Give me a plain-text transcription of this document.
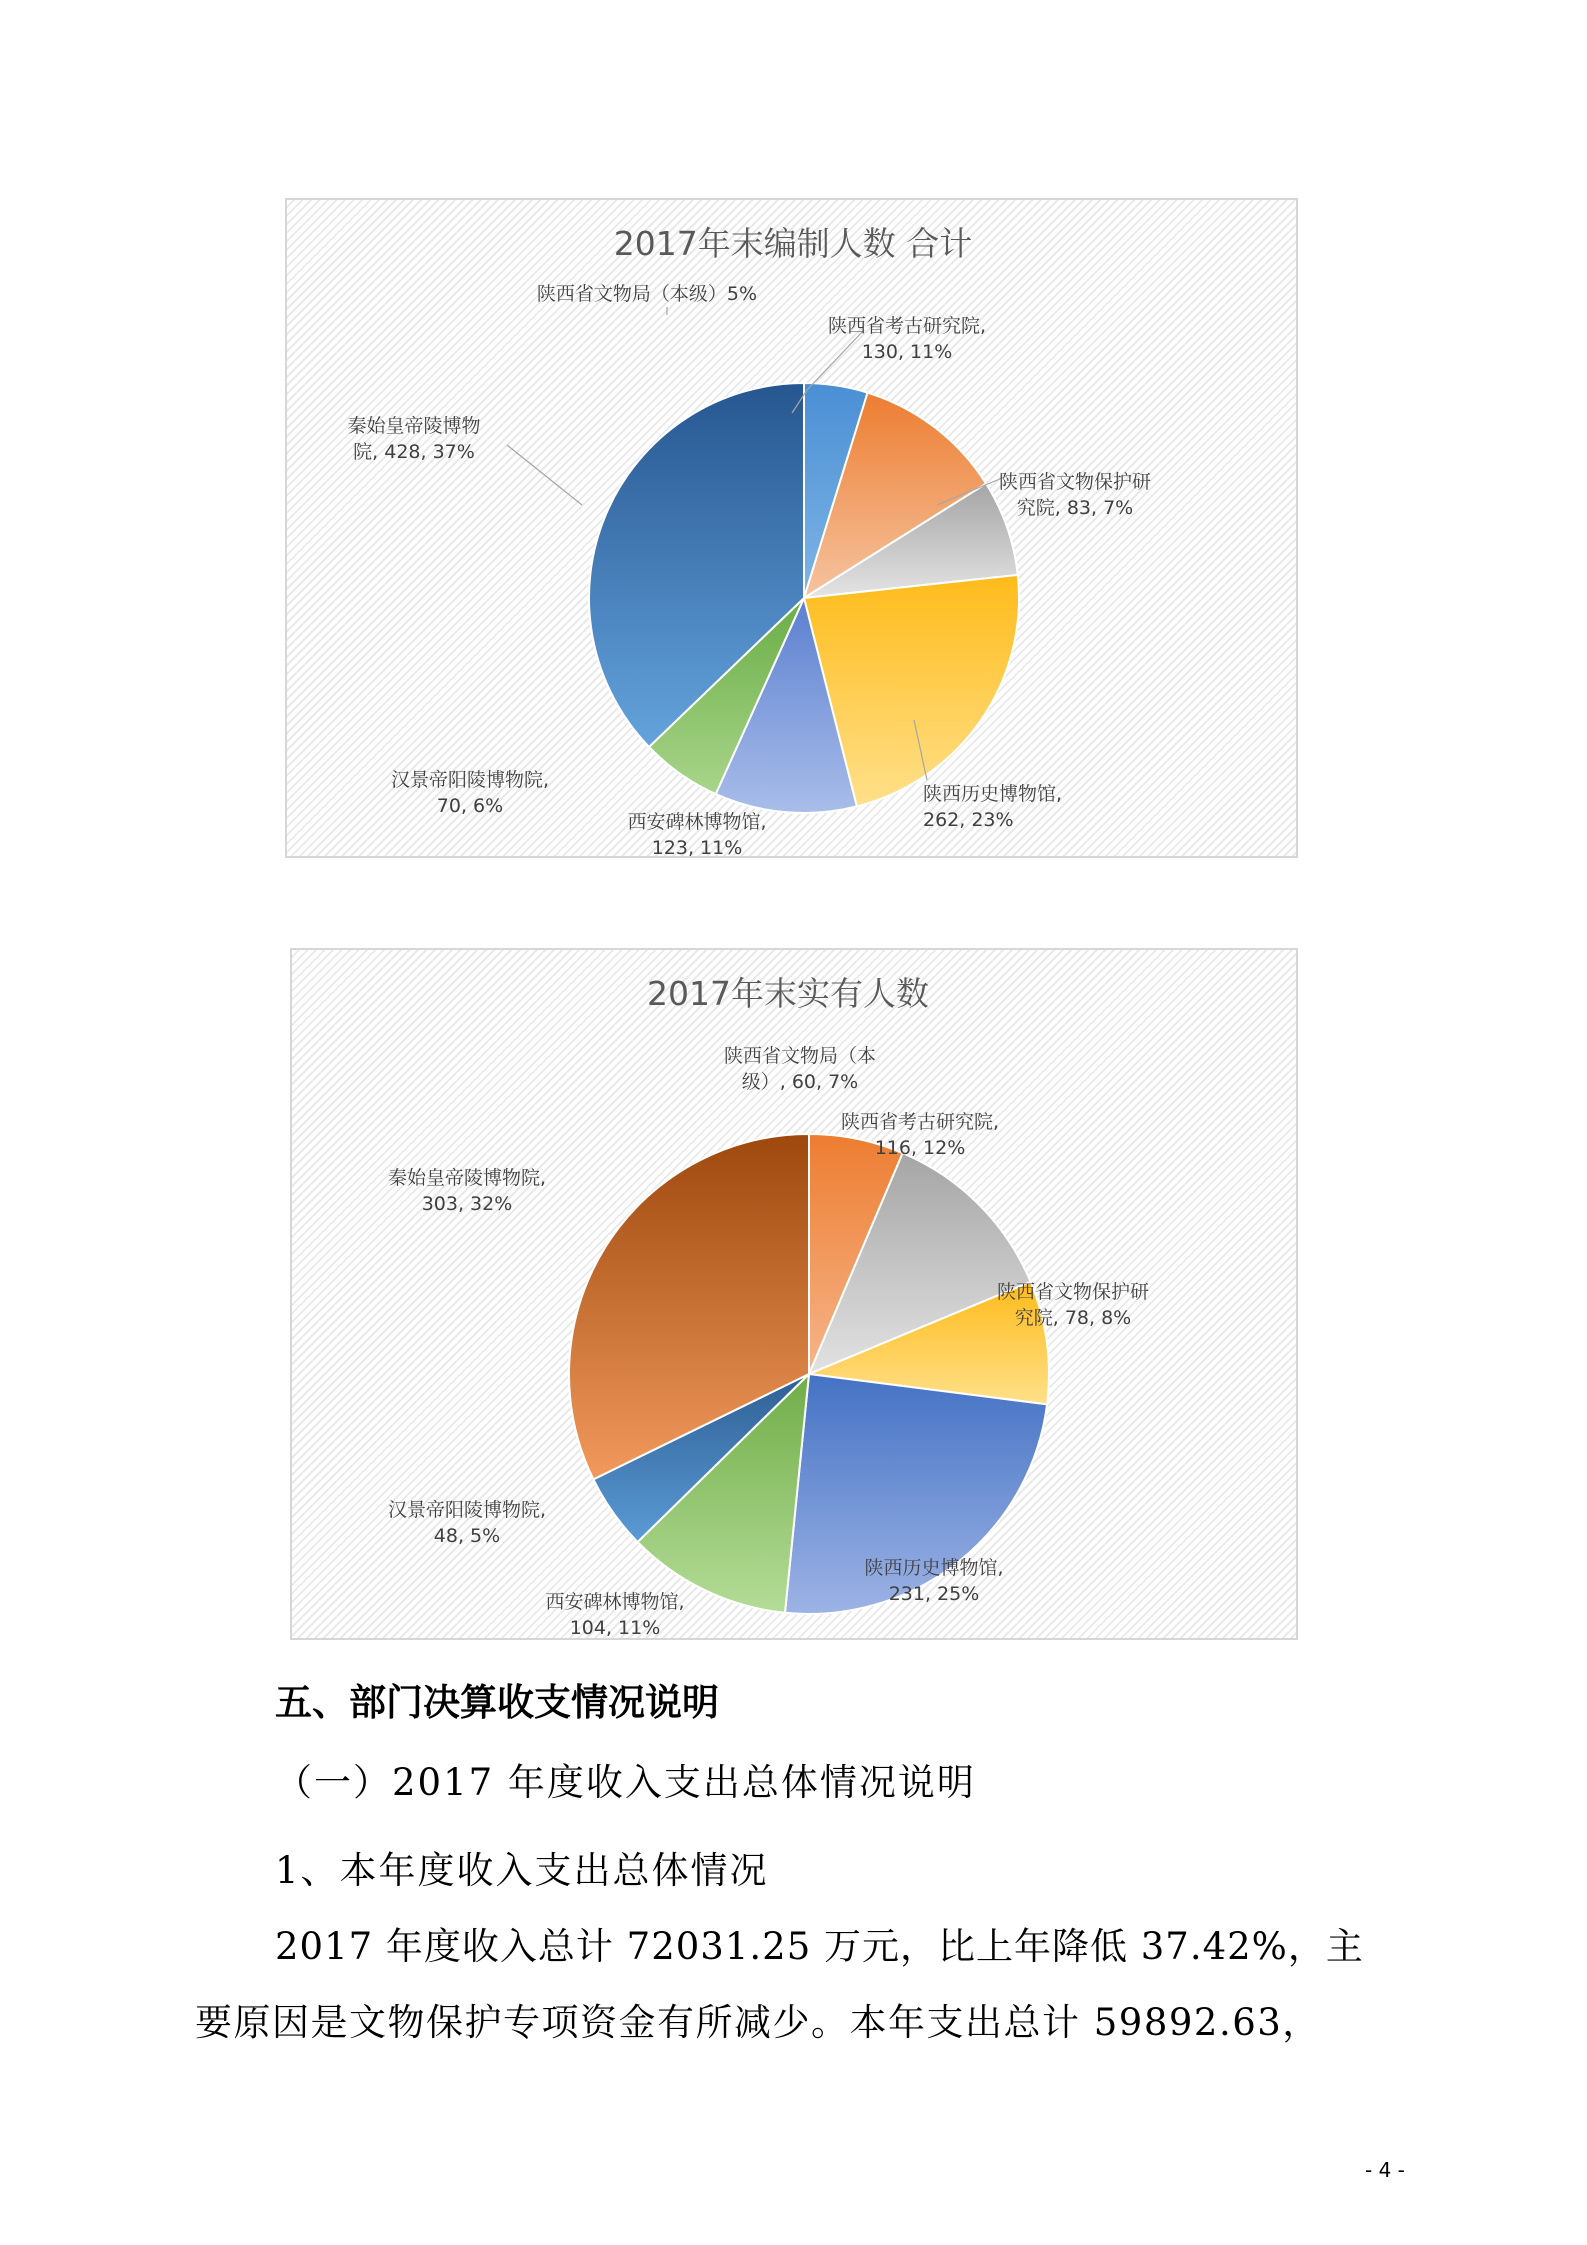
2017年末编制人数 合计
陕西省文物局（本级）5%
陕西省考古研究院,
130, 11%
陕西省文物保护研
究院, 83, 7%
陕西历史博物馆,
262, 23%
西安碑林博物馆,
123, 11%
汉景帝阳陵博物院,
70, 6%
秦始皇帝陵博物
院, 428, 37%
2017年末实有人数
陕西省文物局（本
级）, 60, 7%
陕西省考古研究院,
116, 12%
陕西省文物保护研
究院, 78, 8%
陕西历史博物馆,
231, 25%
西安碑林博物馆,
104, 11%
汉景帝阳陵博物院,
48, 5%
秦始皇帝陵博物院,
303, 32%
五、部门决算收支情况说明
（一）2017 年度收入支出总体情况说明
1、本年度收入支出总体情况
2017 年度收入总计 72031.25 万元，比上年降低 37.42%，主
要原因是文物保护专项资金有所减少。本年支出总计 59892.63，
- 4 -
